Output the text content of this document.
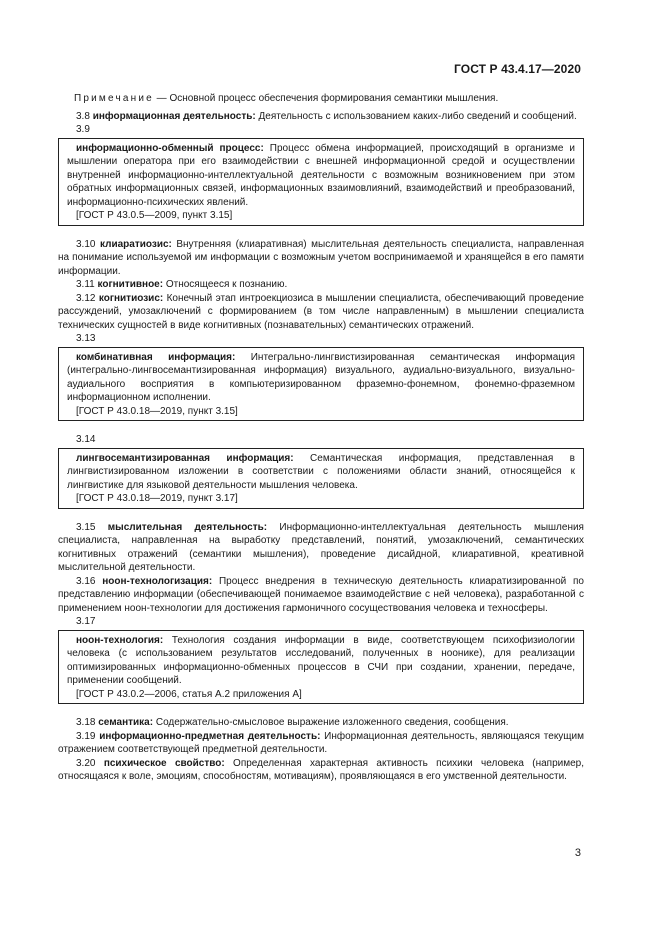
ГОСТ Р 43.4.17—2020
Примечание — Основной процесс обеспечения формирования семантики мышления.

3.8 информационная деятельность: Деятельность с использованием каких-либо сведений и сообщений.

3.9

информационно-обменный процесс: Процесс обмена информацией, происходящий в организме и мышлении оператора при его взаимодействии с внешней информационной средой и осуществлении внутренней информационно-интеллектуальной деятельности с возможным возникновением при этом обратных информационных связей, информационных взаимовлияний, взаимодействий и преобразований, информационно-психических явлений.

[ГОСТ Р 43.0.5—2009, пункт 3.15]

3.10 клиаратиозис: Внутренняя (клиаративная) мыслительная деятельность специалиста, направленная на понимание используемой им информации с возможным учетом воспринимаемой и хранящейся в его памяти информации.

3.11 когнитивное: Относящееся к познанию.

3.12 когнитиозис: Конечный этап интроекциозиса в мышлении специалиста, обеспечивающий проведение рассуждений, умозаключений с формированием (в том числе направленным) в мышлении специалиста технических сущностей в виде когнитивных (познавательных) семантических отражений.

3.13

комбинативная информация: Интегрально-лингвистизированная семантическая информация (интегрально-лингвосемантизированная информация) визуального, аудиально-визуального, визуально-аудиального восприятия в компьютеризированном фраземно-фонемном, фонемно-фраземном информационном исполнении.

[ГОСТ Р 43.0.18—2019, пункт 3.15]

3.14

лингвосемантизированная информация: Семантическая информация, представленная в лингвистизированном изложении в соответствии с положениями области знаний, относящейся к лингвистике для языковой деятельности мышления человека.

[ГОСТ Р 43.0.18—2019, пункт 3.17]

3.15 мыслительная деятельность: Информационно-интеллектуальная деятельность мышления специалиста, направленная на выработку представлений, понятий, умозаключений, семантических когнитивных отражений (семантики мышления), проведение дисайдной, клиаративной, креативной мыслительной деятельности.

3.16 ноон-технологизация: Процесс внедрения в техническую деятельность клиаратизированной по представлению информации (обеспечивающей понимаемое взаимодействие с ней человека), разработанной с применением ноон-технологии для достижения гармоничного сосуществования человека и техносферы.

3.17

ноон-технология: Технология создания информации в виде, соответствующем психофизиологии человека (с использованием результатов исследований, полученных в ноонике), для реализации оптимизированных информационно-обменных процессов в СЧИ при создании, хранении, передаче, применении сообщений.

[ГОСТ Р 43.0.2—2006, статья А.2 приложения А]

3.18 семантика: Содержательно-смысловое выражение изложенного сведения, сообщения.

3.19 информационно-предметная деятельность: Информационная деятельность, являющаяся текущим отражением соответствующей предметной деятельности.

3.20 психическое свойство: Определенная характерная активность психики человека (например, относящаяся к воле, эмоциям, способностям, мотивациям), проявляющаяся в его умственной деятельности.

3
